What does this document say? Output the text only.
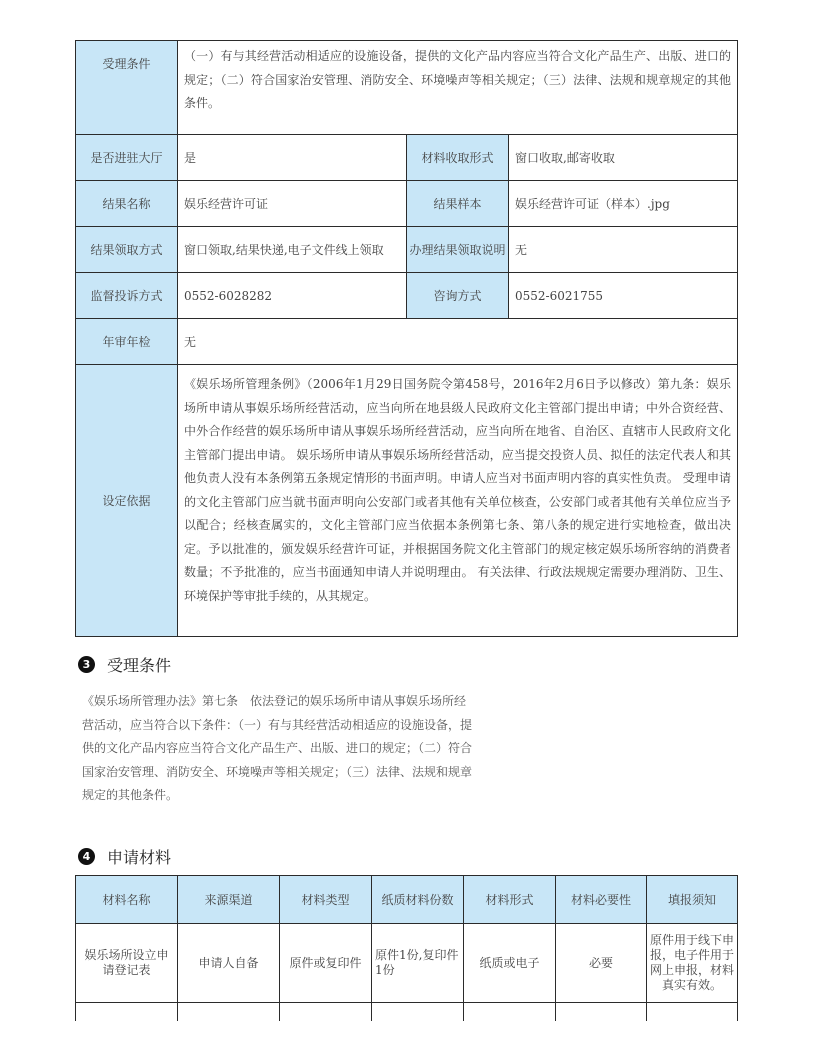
受理条件	（一）有与其经营活动相适应的设施设备，提供的文化产品内容应当符合文化产品生产、出版、进口的规定；（二）符合国家治安管理、消防安全、环境噪声等相关规定；（三）法律、法规和规章规定的其他条件。		
是否进驻大厅	是	材料收取形式	窗口收取,邮寄收取
结果名称	娱乐经营许可证	结果样本	娱乐经营许可证（样本）.jpg
结果领取方式	窗口领取,结果快递,电子文件线上领取	办理结果领取说明	无
监督投诉方式	0552-6028282	咨询方式	0552-6021755
年审年检	无		
设定依据	《娱乐场所管理条例》（2006年1月29日国务院令第458号，2016年2月6日予以修改）第九条：娱乐场所申请从事娱乐场所经营活动，应当向所在地县级人民政府文化主管部门提出申请；中外合资经营、中外合作经营的娱乐场所申请从事娱乐场所经营活动，应当向所在地省、自治区、直辖市人民政府文化主管部门提出申请。 娱乐场所申请从事娱乐场所经营活动，应当提交投资人员、拟任的法定代表人和其他负责人没有本条例第五条规定情形的书面声明。申请人应当对书面声明内容的真实性负责。 受理申请的文化主管部门应当就书面声明向公安部门或者其他有关单位核查，公安部门或者其他有关单位应当予以配合；经核查属实的，文化主管部门应当依据本条例第七条、第八条的规定进行实地检查，做出决定。予以批准的，颁发娱乐经营许可证，并根据国务院文化主管部门的规定核定娱乐场所容纳的消费者数量；不予批准的，应当书面通知申请人并说明理由。 有关法律、行政法规规定需要办理消防、卫生、环境保护等审批手续的，从其规定。		
3 受理条件

《娱乐场所管理办法》第七条　依法登记的娱乐场所申请从事娱乐场所经营活动，应当符合以下条件：（一）有与其经营活动相适应的设施设备，提供的文化产品内容应当符合文化产品生产、出版、进口的规定；（二）符合国家治安管理、消防安全、环境噪声等相关规定；（三）法律、法规和规章规定的其他条件。

4 申请材料
材料名称	来源渠道	材料类型	纸质材料份数	材料形式	材料必要性	填报须知
娱乐场所设立申请登记表	申请人自备	原件或复印件	原件1份,复印件1份	纸质或电子	必要	原件用于线下申报，电子件用于网上申报，材料真实有效。
